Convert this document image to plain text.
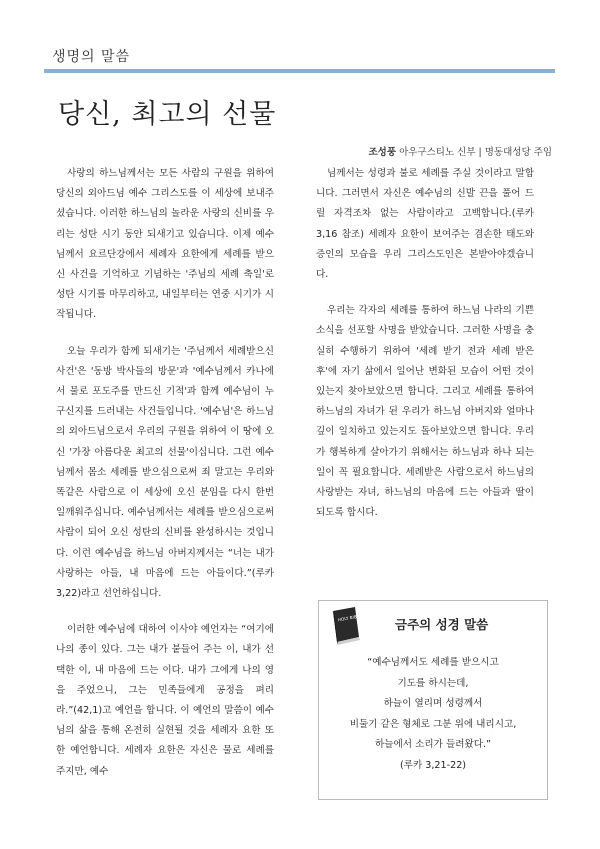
생명의 말씀
당신, 최고의 선물
조성풍 아우구스티노 신부 | 명동대성당 주임

사랑의 하느님께서는 모든 사람의 구원을 위하여 당신의 외아드님 예수 그리스도를 이 세상에 보내주셨습니다. 이러한 하느님의 놀라운 사랑의 신비를 우리는 성탄 시기 동안 되새기고 있습니다. 이제 예수님께서 요르단강에서 세례자 요한에게 세례를 받으신 사건을 기억하고 기념하는 '주님의 세례 축일'로 성탄 시기를 마무리하고, 내일부터는 연중 시기가 시작됩니다.

오늘 우리가 함께 되새기는 '주님께서 세례받으신 사건'은 '동방 박사들의 방문'과 '예수님께서 카나에서 물로 포도주를 만드신 기적'과 함께 예수님이 누구신지를 드러내는 사건들입니다. '예수님'은 하느님의 외아드님으로서 우리의 구원을 위하여 이 땅에 오신 '가장 아름다운 최고의 선물'이십니다. 그런 예수님께서 몸소 세례를 받으심으로써 죄 말고는 우리와 똑같은 사람으로 이 세상에 오신 분임을 다시 한번 일깨워주십니다. 예수님께서는 세례를 받으심으로써 사람이 되어 오신 성탄의 신비를 완성하시는 것입니다. 이런 예수님을 하느님 아버지께서는 “너는 내가 사랑하는 아들, 내 마음에 드는 아들이다.”(루카 3,22)라고 선언하십니다.

이러한 예수님에 대하여 이사야 예언자는 “여기에 나의 종이 있다. 그는 내가 붙들어 주는 이, 내가 선택한 이, 내 마음에 드는 이다. 내가 그에게 나의 영을 주었으니, 그는 민족들에게 공정을 펴리라.”(42,1)고 예언을 합니다. 이 예언의 말씀이 예수님의 삶을 통해 온전히 실현될 것을 세례자 요한 또한 예언합니다. 세례자 요한은 자신은 물로 세례를 주지만, 예수

님께서는 성령과 불로 세례를 주실 것이라고 말합니다. 그러면서 자신은 예수님의 신발 끈을 풀어 드릴 자격조차 없는 사람이라고 고백합니다.(루카 3,16 참조) 세례자 요한이 보여주는 겸손한 태도와 증인의 모습을 우리 그리스도인은 본받아야겠습니다.

우리는 각자의 세례를 통하여 하느님 나라의 기쁜 소식을 선포할 사명을 받았습니다. 그러한 사명을 충실히 수행하기 위하여 '세례 받기 전과 세례 받은 후'에 자기 삶에서 일어난 변화된 모습이 어떤 것이 있는지 찾아보았으면 합니다. 그리고 세례를 통하여 하느님의 자녀가 된 우리가 하느님 아버지와 얼마나 깊이 일치하고 있는지도 돌아보았으면 합니다. 우리가 행복하게 살아가기 위해서는 하느님과 하나 되는 일이 꼭 필요합니다. 세례받은 사람으로서 하느님의 사랑받는 자녀, 하느님의 마음에 드는 아들과 딸이 되도록 합시다.

HOLY BIBLE	금주의 성경 말씀
“예수님께서도 세례를 받으시고
기도를 하시는데,
하늘이 열리며 성령께서
비둘기 같은 형체로 그분 위에 내리시고,
하늘에서 소리가 들려왔다.”
(루카 3,21-22)
